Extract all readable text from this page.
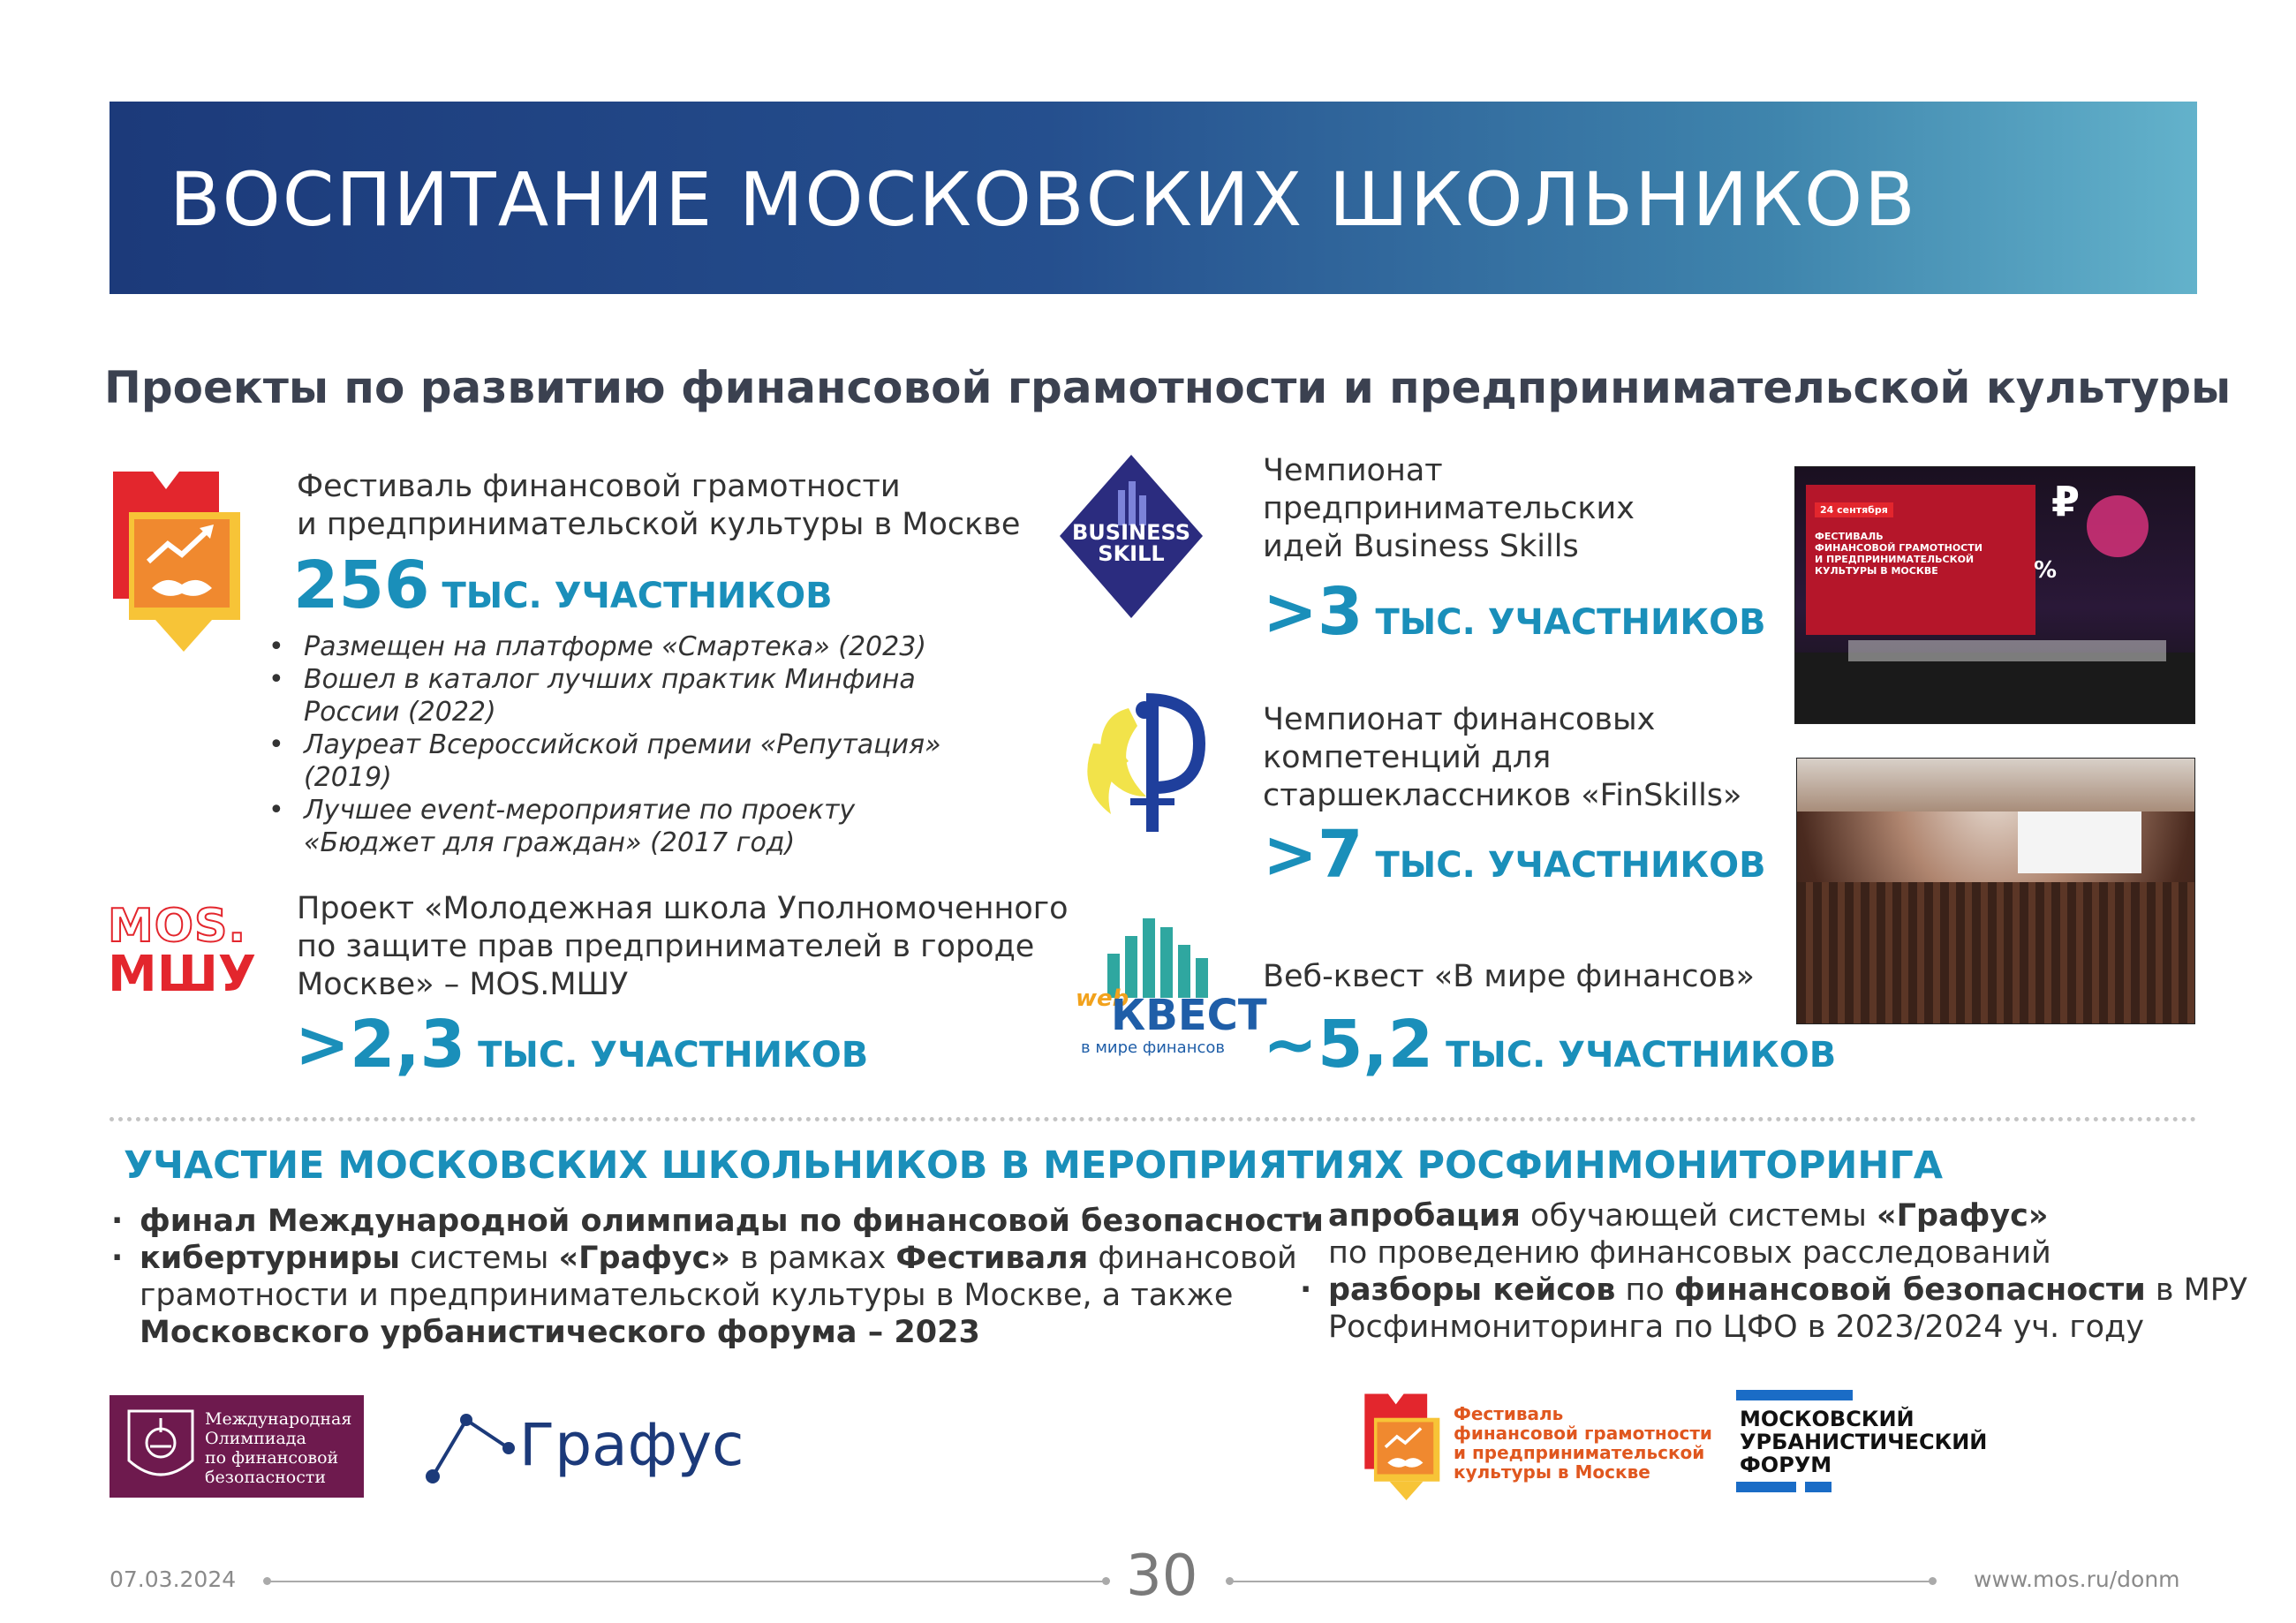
ВОСПИТАНИЕ МОСКОВСКИХ ШКОЛЬНИКОВ
Проекты по развитию финансовой грамотности и предпринимательской культуры
Фестиваль финансовой грамотности
и предпринимательской культуры в Москве
256 ТЫС. УЧАСТНИКОВ
• Размещен на платформе «Смартека» (2023)
• Вошел в каталог лучших практик Минфина
России (2022)
• Лауреат Всероссийской премии «Репутация»
(2019)
• Лучшее event-мероприятие по проекту
«Бюджет для граждан» (2017 год)
MOS.
МШУ
Проект «Молодежная школа Уполномоченного
по защите прав предпринимателей в городе
Москве» – MOS.МШУ
>2,3 ТЫС. УЧАСТНИКОВ
BUSINESS
SKILL
Чемпионат
предпринимательских
идей Business Skills
>3 ТЫС. УЧАСТНИКОВ
Чемпионат финансовых
компетенций для
старшеклассников «FinSkills»
>7 ТЫС. УЧАСТНИКОВ
web
КВЕСТ
в мире финансов
Веб-квест «В мире финансов»
~5,2 ТЫС. УЧАСТНИКОВ
24 сентября
ФЕСТИВАЛЬ
ФИНАНСОВОЙ ГРАМОТНОСТИ
И ПРЕДПРИНИМАТЕЛЬСКОЙ
КУЛЬТУРЫ В МОСКВЕ
₽
%
УЧАСТИЕ МОСКОВСКИХ ШКОЛЬНИКОВ В МЕРОПРИЯТИЯХ РОСФИНМОНИТОРИНГА
· финал Международной олимпиады по финансовой безопасности
· кибертурниры системы «Графус» в рамках Фестиваля финансовой
грамотности и предпринимательской культуры в Москве, а также
Московского урбанистического форума – 2023
· апробация обучающей системы «Графус»
по проведению финансовых расследований
· разборы кейсов по финансовой безопасности в МРУ
Росфинмониторинга по ЦФО в 2023/2024 уч. году
Международная
Олимпиада
по финансовой
безопасности	Графус	Фестиваль
финансовой грамотности
и предпринимательской
культуры в Москве
МОСКОВСКИЙ
УРБАНИСТИЧЕСКИЙ
ФОРУМ
07.03.2024	30	www.mos.ru/donm
